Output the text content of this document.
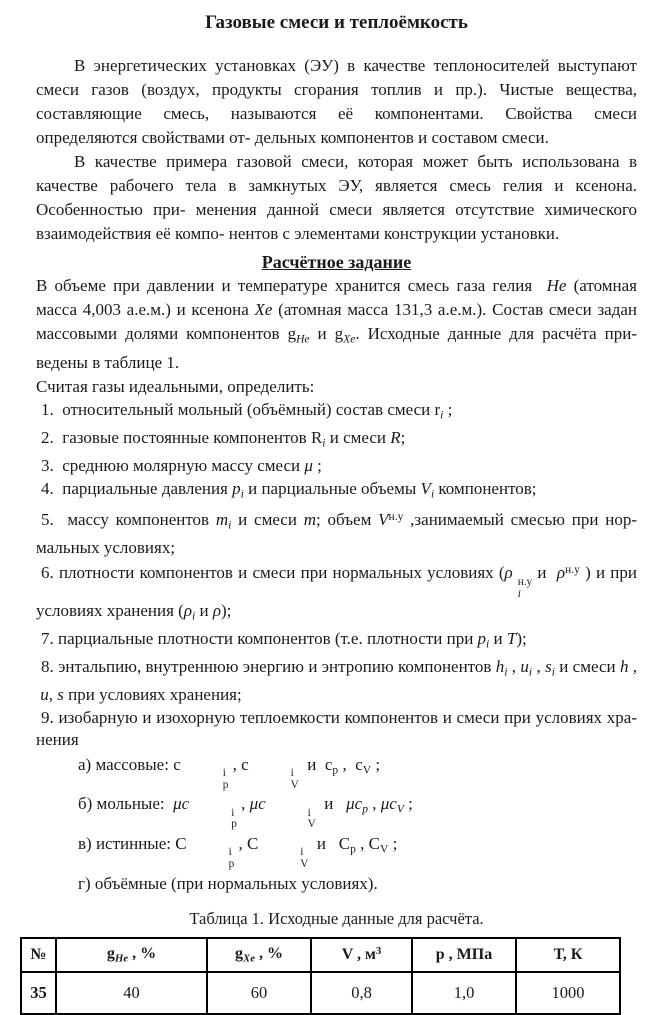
Газовые смеси и теплоёмкость

В энергетических установках (ЭУ) в качестве теплоносителей выступают смеси газов (воздух, продукты сгорания топлив и пр.). Чистые вещества, составляющие смесь, называются её компонентами. Свойства смеси определяются свойствами от- дельных компонентов и составом смеси.

В качестве примера газовой смеси, которая может быть использована в качестве рабочего тела в замкнутых ЭУ, является смесь гелия и ксенона. Особенностью при- менения данной смеси является отсутствие химического взаимодействия её компо- нентов с элементами конструкции установки.

Расчётное задание

В объеме при давлении и температуре хранится смесь газа гелия  He (атомная масса 4,003 а.е.м.) и ксенона Xe (атомная масса 131,3 а.е.м.). Состав смеси задан массовыми долями компонентов $g_{He}$ и $g_{Xe}$. Исходные данные для расчёта при- ведены в таблице 1.

Считая газы идеальными, определить:

1.  относительный мольный (объёмный) состав смеси $r_i$ ;

2.  газовые постоянные компонентов $R_i$ и смеси R;

3.  среднюю молярную массу смеси μ ;

4.  парциальные давления $p_i$ и парциальные объемы $V_i$ компонентов;

5.  массу компонентов $m_i$ и смеси m; объем $V^{н.у}$ ,занимаемый смесью при нор- мальных условиях;

6. плотности компонентов и смеси при нормальных условиях (ρ н.у
i
и  $\rho^{н.у}$ ) и при условиях хранения ($\rho_i$ и ρ);

7. парциальные плотности компонентов (т.е. плотности при $p_i$ и T);

8. энтальпию, внутреннюю энергию и энтропию компонентов $h_i$ , $u_i$ , $s_i$ и смеси h ,  u, s при условиях хранения;

9. изобарную и изохорную теплоемкости компонентов и смеси при условиях хра- нения

а) массовые: c	i
p
, c	i
V
и  $c_p$ ,  $c_V$ ;

б) мольные:  μc	i
p
, μc	i
V
и   $\mu c_p$ , $\mu c_V$ ;

в) истинные: C	i
p
, C	i
V
и   $C_p$ , $C_V$ ;

г) объёмные (при нормальных условиях).

Таблица 1. Исходные данные для расчёта.
№	$g_{He}$ , %	$g_{Xe}$ , %	V , $м^3$	p , МПа	Т, К
35	40	60	0,8	1,0	1000
